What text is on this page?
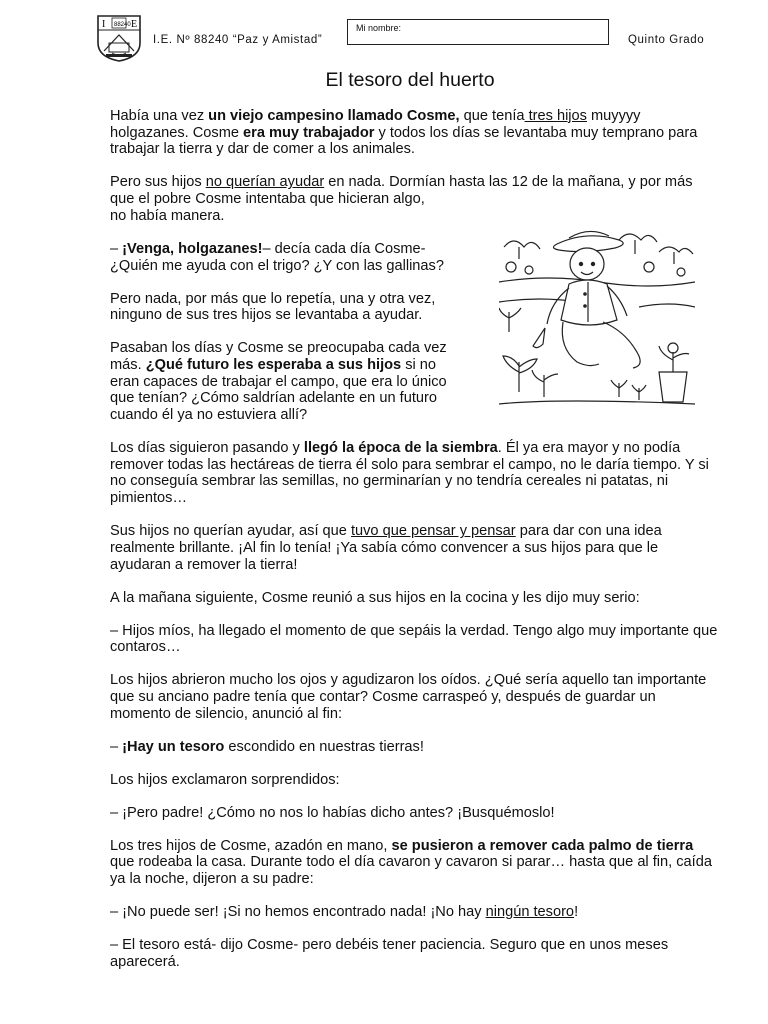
I 88240 E
I.E. Nº 88240 “Paz y Amistad”
Mi nombre:
Quinto Grado
El tesoro del huerto

Había una vez un viejo campesino llamado Cosme, que tenía tres hijos muyyyy holgazanes. Cosme era muy trabajador y todos los días se levantaba muy temprano para trabajar la tierra y dar de comer a los animales.

Pero sus hijos no querían ayudar en nada. Dormían hasta las 12 de la mañana, y por más que el pobre Cosme intentaba que hicieran algo,
no había manera.

– ¡Venga, holgazanes!– decía cada día Cosme-
¿Quién me ayuda con el trigo? ¿Y con las gallinas?

Pero nada, por más que lo repetía, una y otra vez,
ninguno de sus tres hijos se levantaba a ayudar.

Pasaban los días y Cosme se preocupaba cada vez
más. ¿Qué futuro les esperaba a sus hijos si no
eran capaces de trabajar el campo, que era lo único
que tenían? ¿Cómo saldrían adelante en un futuro
cuando él ya no estuviera allí?

Los días siguieron pasando y llegó la época de la siembra. Él ya era mayor y no podía remover todas las hectáreas de tierra él solo para sembrar el campo, no le daría tiempo. Y si no conseguía sembrar las semillas, no germinarían y no tendría cereales ni patatas, ni pimientos…

Sus hijos no querían ayudar, así que tuvo que pensar y pensar para dar con una idea realmente brillante. ¡Al fin lo tenía! ¡Ya sabía cómo convencer a sus hijos para que le ayudaran a remover la tierra!

A la mañana siguiente, Cosme reunió a sus hijos en la cocina y les dijo muy serio:

– Hijos míos, ha llegado el momento de que sepáis la verdad. Tengo algo muy importante que contaros…

Los hijos abrieron mucho los ojos y agudizaron los oídos. ¿Qué sería aquello tan importante que su anciano padre tenía que contar? Cosme carraspeó y, después de guardar un momento de silencio, anunció al fin:

– ¡Hay un tesoro escondido en nuestras tierras!

Los hijos exclamaron sorprendidos:

– ¡Pero padre! ¿Cómo no nos lo habías dicho antes? ¡Busquémoslo!

Los tres hijos de Cosme, azadón en mano, se pusieron a remover cada palmo de tierra que rodeaba la casa. Durante todo el día cavaron y cavaron si parar… hasta que al fin, caída ya la noche, dijeron a su padre:

– ¡No puede ser! ¡Si no hemos encontrado nada! ¡No hay ningún tesoro!

– El tesoro está- dijo Cosme- pero debéis tener paciencia. Seguro que en unos meses aparecerá.
